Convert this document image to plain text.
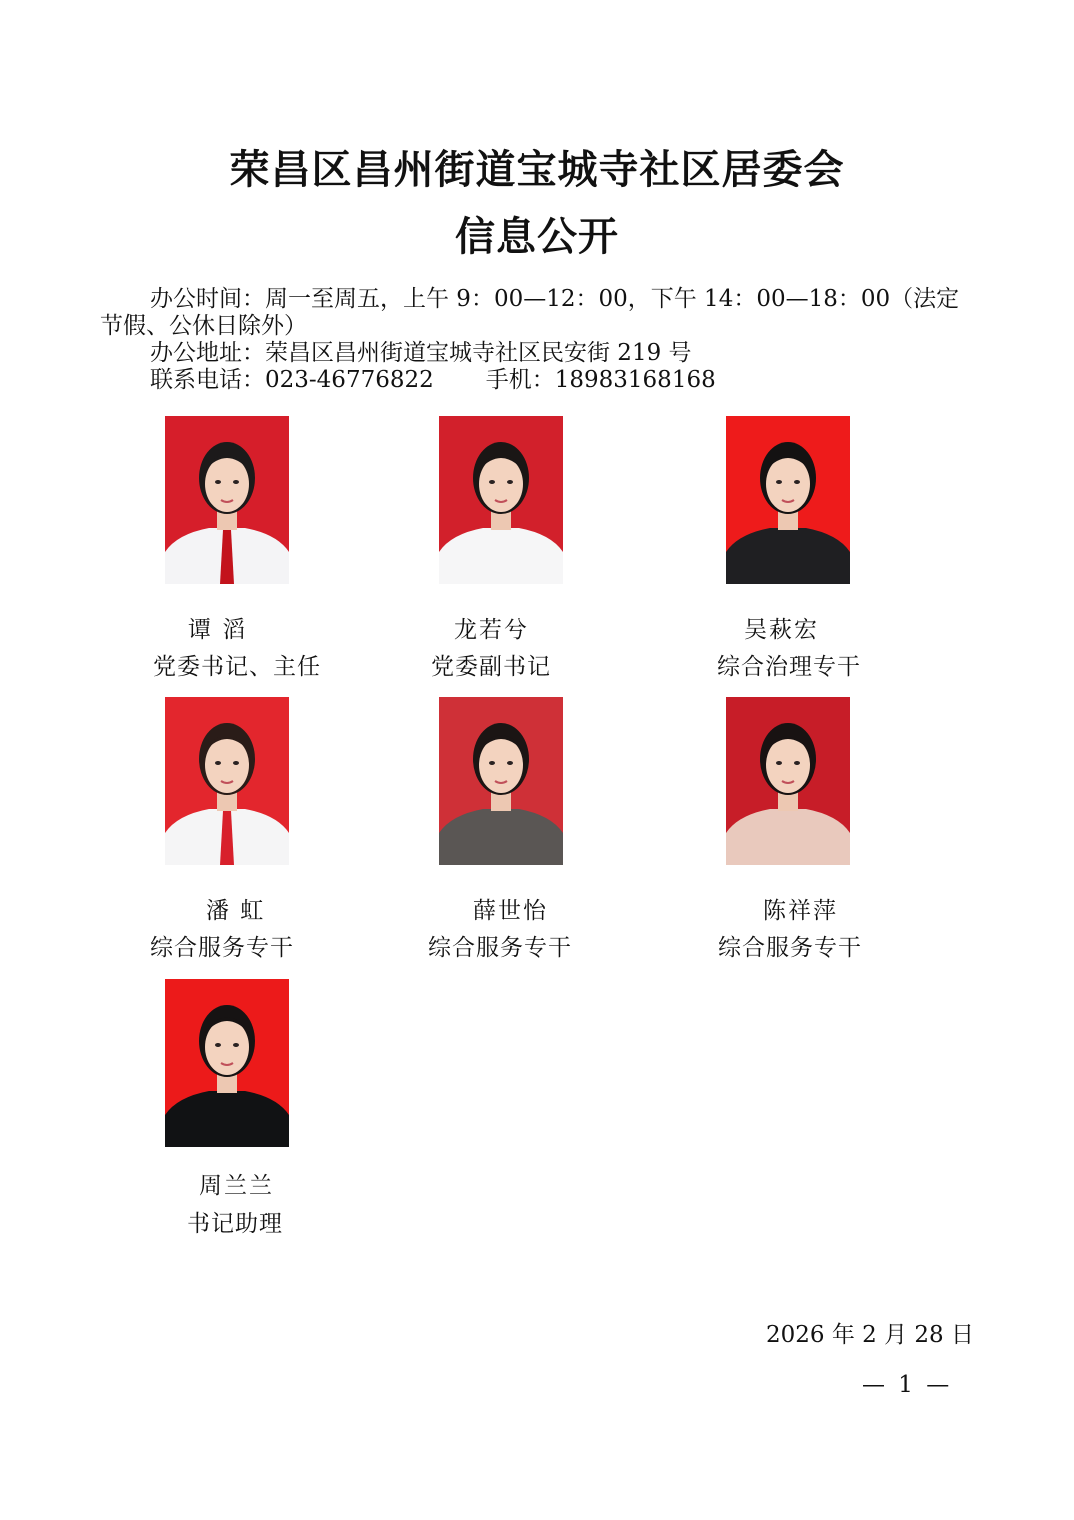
荣昌区昌州街道宝城寺社区居委会
信息公开

办公时间：周一至周五，上午 9：00—12：00，下午 14：00—18：00（法定节假、公休日除外）

办公地址：荣昌区昌州街道宝城寺社区民安街 219 号

联系电话：023-46776822 手机：18983168168

谭 滔
党委书记、主任
龙若兮
党委副书记
吴萩宏
综合治理专干
潘 虹
综合服务专干
薛世怡
综合服务专干
陈祥萍
综合服务专干
周兰兰
书记助理
2026 年 2 月 28 日
— 1 —
